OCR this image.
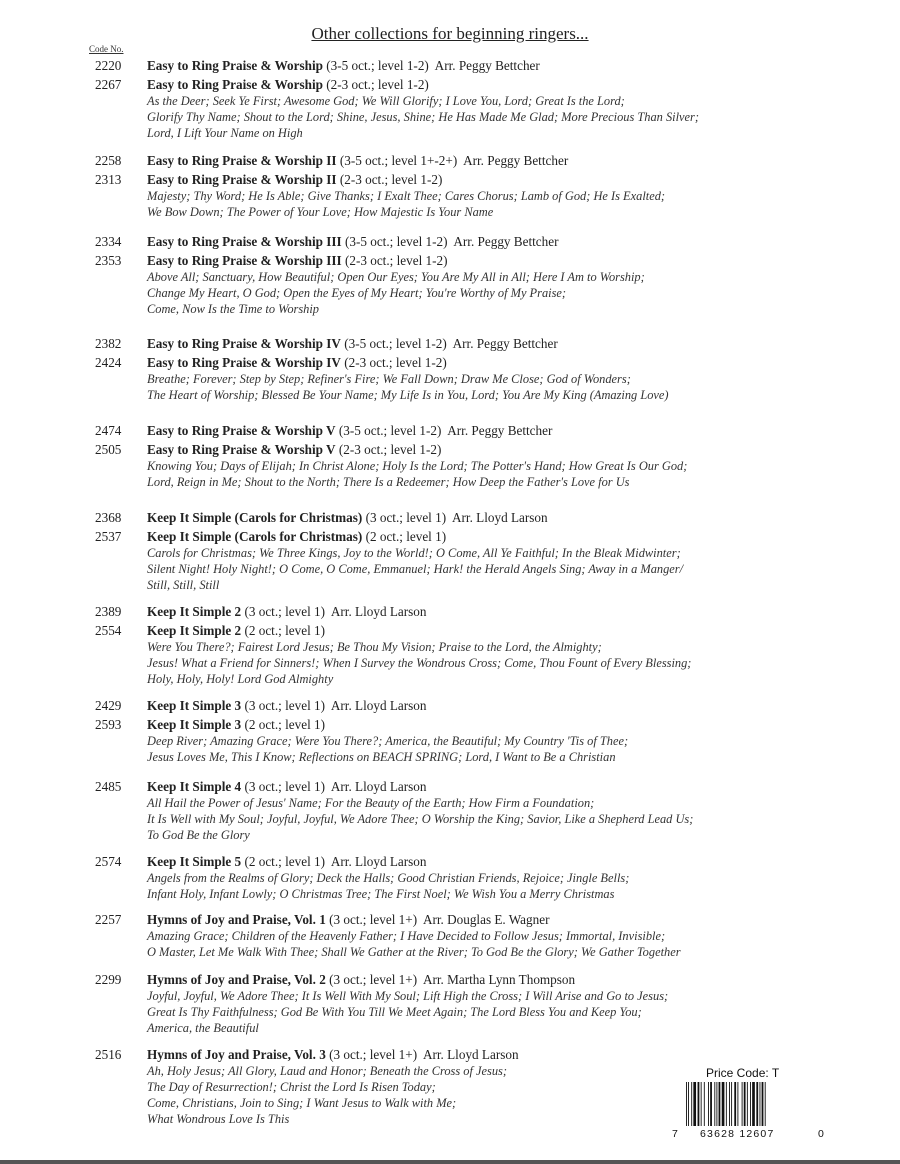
Other collections for beginning ringers...
Code No.
2220	Easy to Ring Praise & Worship (3-5 oct.; level 1-2)  Arr. Peggy Bettcher
2267	Easy to Ring Praise & Worship (2-3 oct.; level 1-2)
As the Deer; Seek Ye First; Awesome God; We Will Glorify; I Love You, Lord; Great Is the Lord;
Glorify Thy Name; Shout to the Lord; Shine, Jesus, Shine; He Has Made Me Glad; More Precious Than Silver;
Lord, I Lift Your Name on High
2258	Easy to Ring Praise & Worship II (3-5 oct.; level 1+-2+)  Arr. Peggy Bettcher
2313	Easy to Ring Praise & Worship II (2-3 oct.; level 1-2)
Majesty; Thy Word; He Is Able; Give Thanks; I Exalt Thee; Cares Chorus; Lamb of God; He Is Exalted;
We Bow Down; The Power of Your Love; How Majestic Is Your Name
2334	Easy to Ring Praise & Worship III (3-5 oct.; level 1-2)  Arr. Peggy Bettcher
2353	Easy to Ring Praise & Worship III (2-3 oct.; level 1-2)
Above All; Sanctuary, How Beautiful; Open Our Eyes; You Are My All in All; Here I Am to Worship;
Change My Heart, O God; Open the Eyes of My Heart; You're Worthy of My Praise;
Come, Now Is the Time to Worship
2382	Easy to Ring Praise & Worship IV (3-5 oct.; level 1-2)  Arr. Peggy Bettcher
2424	Easy to Ring Praise & Worship IV (2-3 oct.; level 1-2)
Breathe; Forever; Step by Step; Refiner's Fire; We Fall Down; Draw Me Close; God of Wonders;
The Heart of Worship; Blessed Be Your Name; My Life Is in You, Lord; You Are My King (Amazing Love)
2474	Easy to Ring Praise & Worship V (3-5 oct.; level 1-2)  Arr. Peggy Bettcher
2505	Easy to Ring Praise & Worship V (2-3 oct.; level 1-2)
Knowing You; Days of Elijah; In Christ Alone; Holy Is the Lord; The Potter's Hand; How Great Is Our God;
Lord, Reign in Me; Shout to the North; There Is a Redeemer; How Deep the Father's Love for Us
2368	Keep It Simple (Carols for Christmas) (3 oct.; level 1)  Arr. Lloyd Larson
2537	Keep It Simple (Carols for Christmas) (2 oct.; level 1)
Carols for Christmas; We Three Kings, Joy to the World!; O Come, All Ye Faithful; In the Bleak Midwinter;
Silent Night! Holy Night!; O Come, O Come, Emmanuel; Hark! the Herald Angels Sing; Away in a Manger/
Still, Still, Still
2389	Keep It Simple 2 (3 oct.; level 1)  Arr. Lloyd Larson
2554	Keep It Simple 2 (2 oct.; level 1)
Were You There?; Fairest Lord Jesus; Be Thou My Vision; Praise to the Lord, the Almighty;
Jesus! What a Friend for Sinners!; When I Survey the Wondrous Cross; Come, Thou Fount of Every Blessing;
Holy, Holy, Holy! Lord God Almighty
2429	Keep It Simple 3 (3 oct.; level 1)  Arr. Lloyd Larson
2593	Keep It Simple 3 (2 oct.; level 1)
Deep River; Amazing Grace; Were You There?; America, the Beautiful; My Country 'Tis of Thee;
Jesus Loves Me, This I Know; Reflections on BEACH SPRING; Lord, I Want to Be a Christian
2485	Keep It Simple 4 (3 oct.; level 1)  Arr. Lloyd Larson
All Hail the Power of Jesus' Name; For the Beauty of the Earth; How Firm a Foundation;
It Is Well with My Soul; Joyful, Joyful, We Adore Thee; O Worship the King; Savior, Like a Shepherd Lead Us;
To God Be the Glory
2574	Keep It Simple 5 (2 oct.; level 1)  Arr. Lloyd Larson
Angels from the Realms of Glory; Deck the Halls; Good Christian Friends, Rejoice; Jingle Bells;
Infant Holy, Infant Lowly; O Christmas Tree; The First Noel; We Wish You a Merry Christmas
2257	Hymns of Joy and Praise, Vol. 1 (3 oct.; level 1+)  Arr. Douglas E. Wagner
Amazing Grace; Children of the Heavenly Father; I Have Decided to Follow Jesus; Immortal, Invisible;
O Master, Let Me Walk With Thee; Shall We Gather at the River; To God Be the Glory; We Gather Together
2299	Hymns of Joy and Praise, Vol. 2 (3 oct.; level 1+)  Arr. Martha Lynn Thompson
Joyful, Joyful, We Adore Thee; It Is Well With My Soul; Lift High the Cross; I Will Arise and Go to Jesus;
Great Is Thy Faithfulness; God Be With You Till We Meet Again; The Lord Bless You and Keep You;
America, the Beautiful
2516	Hymns of Joy and Praise, Vol. 3 (3 oct.; level 1+)  Arr. Lloyd Larson
Ah, Holy Jesus; All Glory, Laud and Honor; Beneath the Cross of Jesus;
The Day of Resurrection!; Christ the Lord Is Risen Today;
Come, Christians, Join to Sing; I Want Jesus to Walk with Me;
What Wondrous Love Is This
Price Code: T
7 63628 12607	0
